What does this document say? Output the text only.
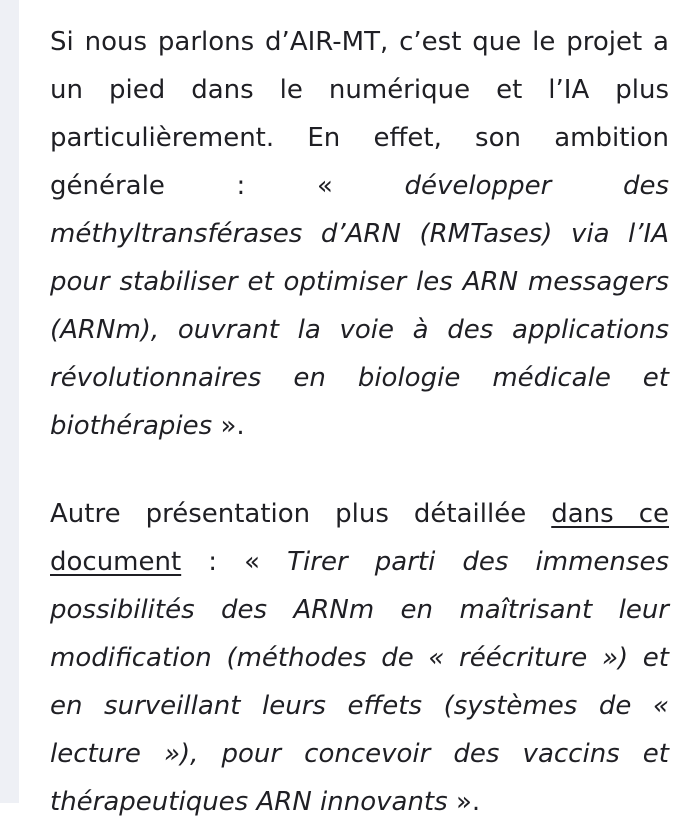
Si nous parlons d’AIR-MT, c’est que le projet a un pied dans le numérique et l’IA plus particulièrement. En effet, son ambition générale : «	développer des méthyltransférases d’ARN (RMTases) via l’IA pour stabiliser et optimiser les ARN messagers (ARNm), ouvrant la voie à des applications révolutionnaires en biologie médicale et biothérapies ».

Autre présentation plus détaillée dans ce document : « Tirer parti des immenses possibilités des ARNm en maîtrisant leur modification (méthodes de « réécriture ») et en surveillant leurs effets (systèmes de « lecture »), pour concevoir des vaccins et thérapeutiques ARN innovants ».
